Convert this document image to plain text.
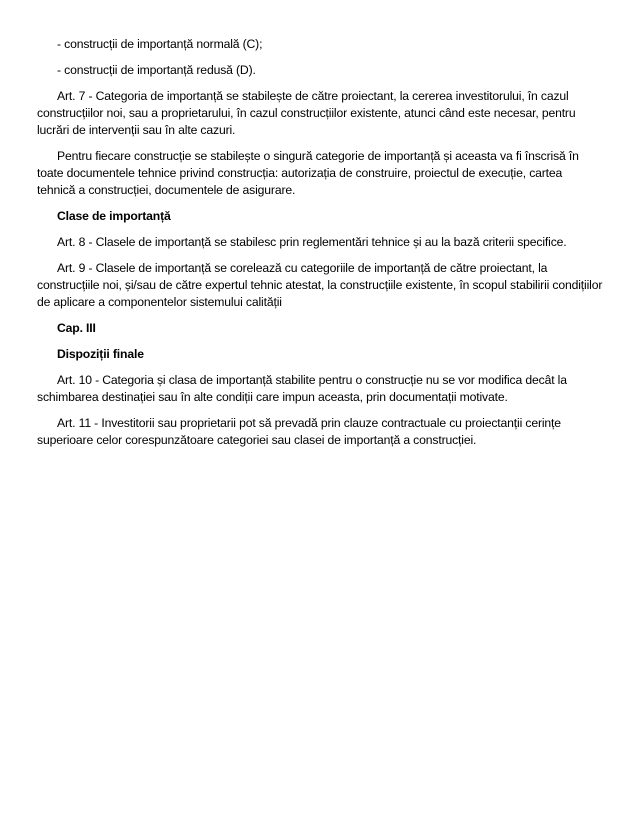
- construcții de importanță normală (C);

- construcții de importanță redusă (D).

Art. 7 - Categoria de importanță se stabilește de către proiectant, la cererea investitorului, în cazul construcțiilor noi, sau a proprietarului, în cazul construcțiilor existente, atunci când este necesar, pentru lucrări de intervenții sau în alte cazuri.

Pentru fiecare construcție se stabilește o singură categorie de importanță și aceasta va fi înscrisă în toate documentele tehnice privind construcția: autorizația de construire, proiectul de execuție, cartea tehnică a construcției, documentele de asigurare.

Clase de importanță

Art. 8 - Clasele de importanță se stabilesc prin reglementări tehnice și au la bază criterii specifice.

Art. 9 - Clasele de importanță se corelează cu categoriile de importanță de către proiectant, la construcțiile noi, și/sau de către expertul tehnic atestat, la construcțiile existente, în scopul stabilirii condițiilor de aplicare a componentelor sistemului calității

Cap. III

Dispoziții finale

Art. 10 - Categoria și clasa de importanță stabilite pentru o construcție nu se vor modifica decât la schimbarea destinației sau în alte condiții care impun aceasta, prin documentații motivate.

Art. 11 - Investitorii sau proprietarii pot să prevadă prin clauze contractuale cu proiectanții cerințe superioare celor corespunzătoare categoriei sau clasei de importanță a construcției.
